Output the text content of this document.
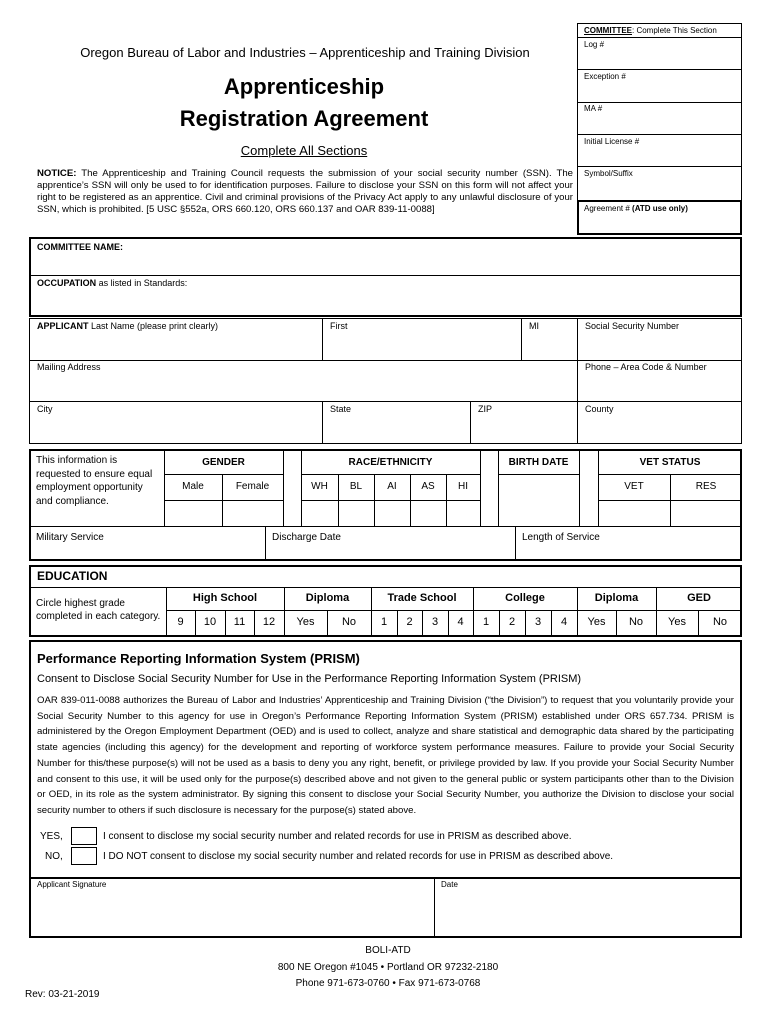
Oregon Bureau of Labor and Industries – Apprenticeship and Training Division
Apprenticeship
Registration Agreement
Complete All Sections
NOTICE: The Apprenticeship and Training Council requests the submission of your social security number (SSN). The apprentice’s SSN will only be used to for identification purposes. Failure to disclose your SSN on this form will not affect your right to be registered as an apprentice. Civil and criminal provisions of the Privacy Act apply to any unlawful disclosure of your SSN, which is prohibited. [5 USC §552a, ORS 660.120, ORS 660.137 and OAR 839-11-0088]
COMMITTEE: Complete This Section
Log #
Exception #
MA #
Initial License #
Symbol/Suffix
Agreement # (ATD use only)
COMMITTEE NAME:
OCCUPATION as listed in Standards:
APPLICANT Last Name (please print clearly)	First	MI	Social Security Number
Mailing Address	Phone – Area Code & Number
City	State	ZIP	County
This information is requested to ensure equal employment opportunity and compliance.
GENDER
Male	Female
RACE/ETHNICITY
WH	BL	AI	AS	HI
BIRTH DATE	VET STATUS
VET	RES
Military Service	Discharge Date	Length of Service
EDUCATION
Circle highest grade completed in each category.
High School	Diploma	Trade School	College	Diploma	GED
9	10	11	12	Yes	No	1	2	3	4	1	2	3	4	Yes	No	Yes	No
Performance Reporting Information System (PRISM)
Consent to Disclose Social Security Number for Use in the Performance Reporting Information System (PRISM)
OAR 839-011-0088 authorizes the Bureau of Labor and Industries’ Apprenticeship and Training Division (“the Division”) to request that you voluntarily provide your Social Security Number to this agency for use in Oregon’s Performance Reporting Information System (PRISM) established under ORS 657.734. PRISM is administered by the Oregon Employment Department (OED) and is used to collect, analyze and share statistical and demographic data shared by the participating state agencies (including this agency) for the development and reporting of workforce system performance measures. Failure to provide your Social Security Number for this/these purpose(s) will not be used as a basis to deny you any right, benefit, or privilege provided by law. If you provide your Social Security Number and consent to this use, it will be used only for the purpose(s) described above and not given to the general public or system participants other than to the Division or OED, in its role as the system administrator. By signing this consent to disclose your Social Security Number, you authorize the Division to disclose your social security number to others if such disclosure is necessary for the purpose(s) stated above.
YES,	I consent to disclose my social security number and related records for use in PRISM as described above.
NO,	I DO NOT consent to disclose my social security number and related records for use in PRISM as described above.
Applicant Signature	Date
BOLI-ATD
800 NE Oregon #1045 • Portland OR 97232-2180
Phone 971-673-0760 • Fax 971-673-0768
Rev: 03-21-2019
